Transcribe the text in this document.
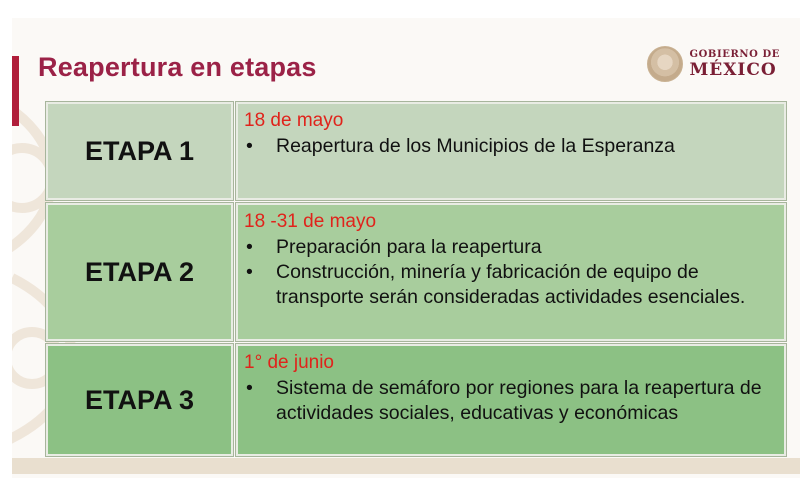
Reapertura en etapas	GOBIERNO DE
MÉXICO
ETAPA 1
18 de mayo
• Reapertura de los Municipios de la Esperanza
ETAPA 2
18 -31 de mayo
• Preparación para la reapertura
• Construcción, minería y fabricación de equipo de transporte serán consideradas actividades esenciales.
ETAPA 3
1° de junio
• Sistema de semáforo por regiones para la reapertura de actividades sociales, educativas y económicas
